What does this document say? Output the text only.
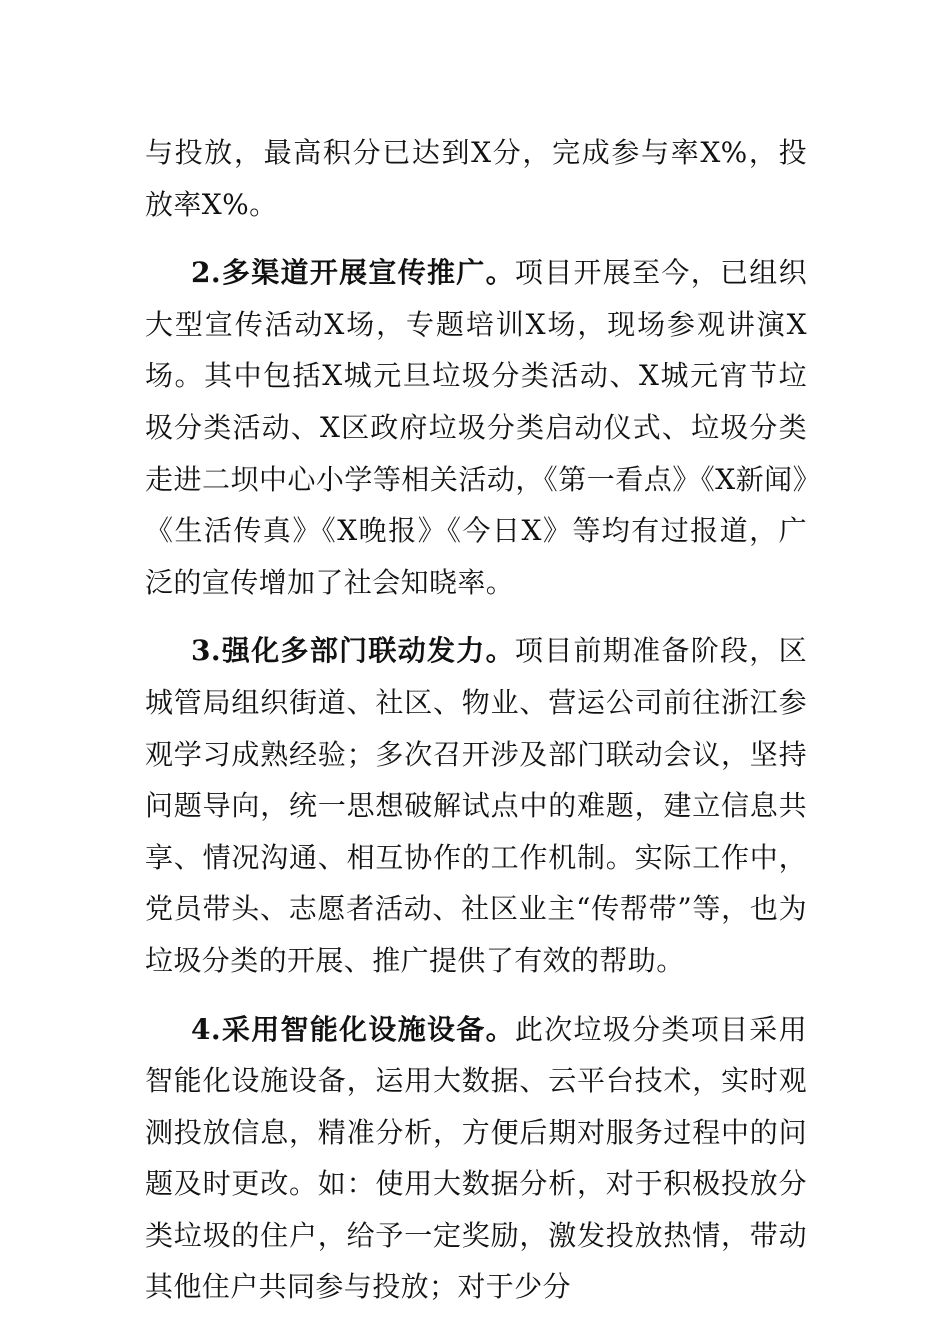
与投放，最高积分已达到X分，完成参与率X%，投放率X%。

2.多渠道开展宣传推广。项目开展至今，已组织大型宣传活动X场，专题培训X场，现场参观讲演X场。其中包括X城元旦垃圾分类活动、X城元宵节垃圾分类活动、X区政府垃圾分类启动仪式、垃圾分类走进二坝中心小学等相关活动，《第一看点》《X新闻》《生活传真》《X晚报》《今日X》等均有过报道，广泛的宣传增加了社会知晓率。

3.强化多部门联动发力。项目前期准备阶段，区城管局组织街道、社区、物业、营运公司前往浙江参观学习成熟经验；多次召开涉及部门联动会议，坚持问题导向，统一思想破解试点中的难题，建立信息共享、情况沟通、相互协作的工作机制。实际工作中，党员带头、志愿者活动、社区业主“传帮带”等，也为垃圾分类的开展、推广提供了有效的帮助。

4.采用智能化设施设备。此次垃圾分类项目采用智能化设施设备，运用大数据、云平台技术，实时观测投放信息，精准分析，方便后期对服务过程中的问题及时更改。如：使用大数据分析，对于积极投放分类垃圾的住户，给予一定奖励，激发投放热情，带动其他住户共同参与投放；对于少分
